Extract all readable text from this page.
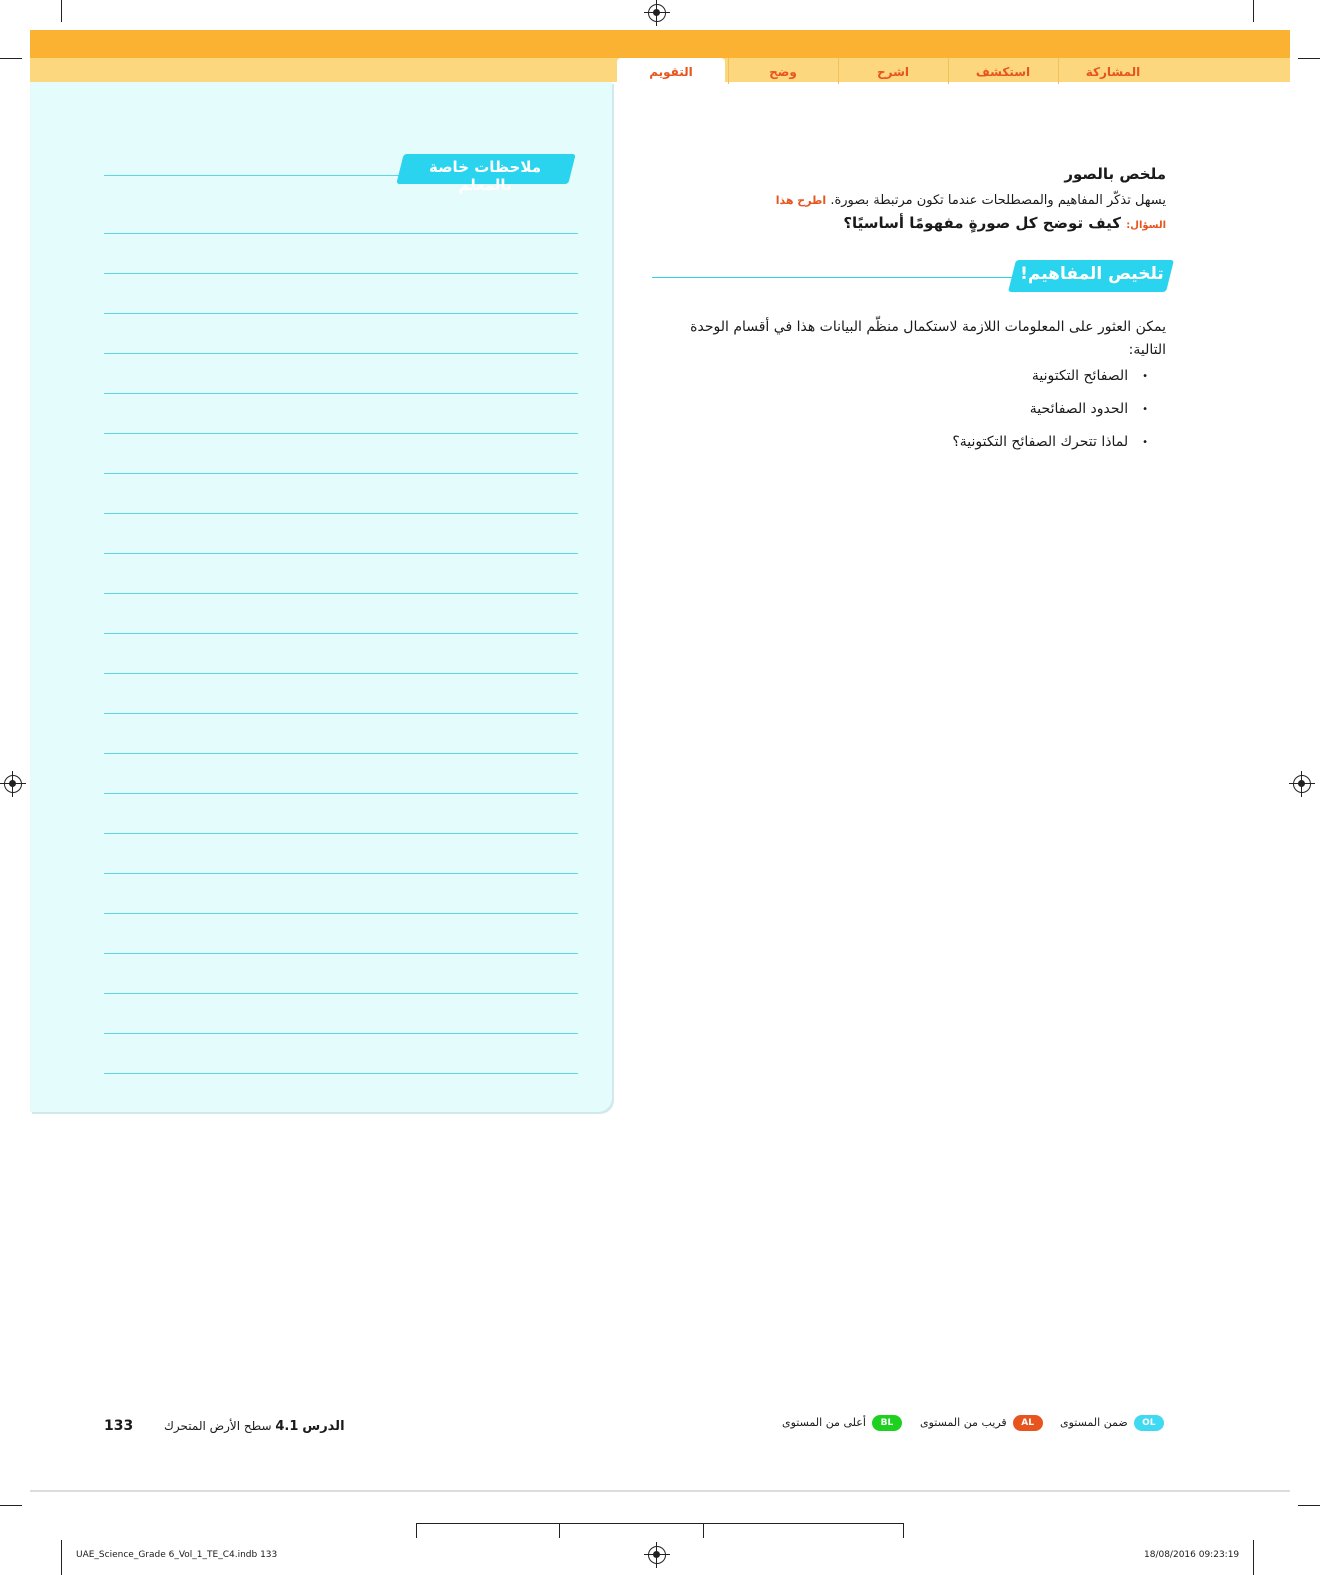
المشاركة
استكشف
اشرح
وضح
التقويم
ملاحظات خاصة بالمعلم
ملخص بالصور
يسهل تذكّر المفاهيم والمصطلحات عندما تكون مرتبطة بصورة. اطرح هذا
السؤال: كيف توضح كل صورةٍ مفهومًا أساسيًا؟
تلخيص المفاهيم!
يمكن العثور على المعلومات اللازمة لاستكمال منظّم البيانات هذا في أقسام الوحدة التالية:
•الصفائح التكتونية
•الحدود الصفائحية
•لماذا تتحرك الصفائح التكتونية؟
133	الدرس 4.1 سطح الأرض المتحرك	OLضمن المستوى
ALقريب من المستوى
BLأعلى من المستوى
UAE_Science_Grade 6_Vol_1_TE_C4.indb 133	18/08/2016 09:23:19
